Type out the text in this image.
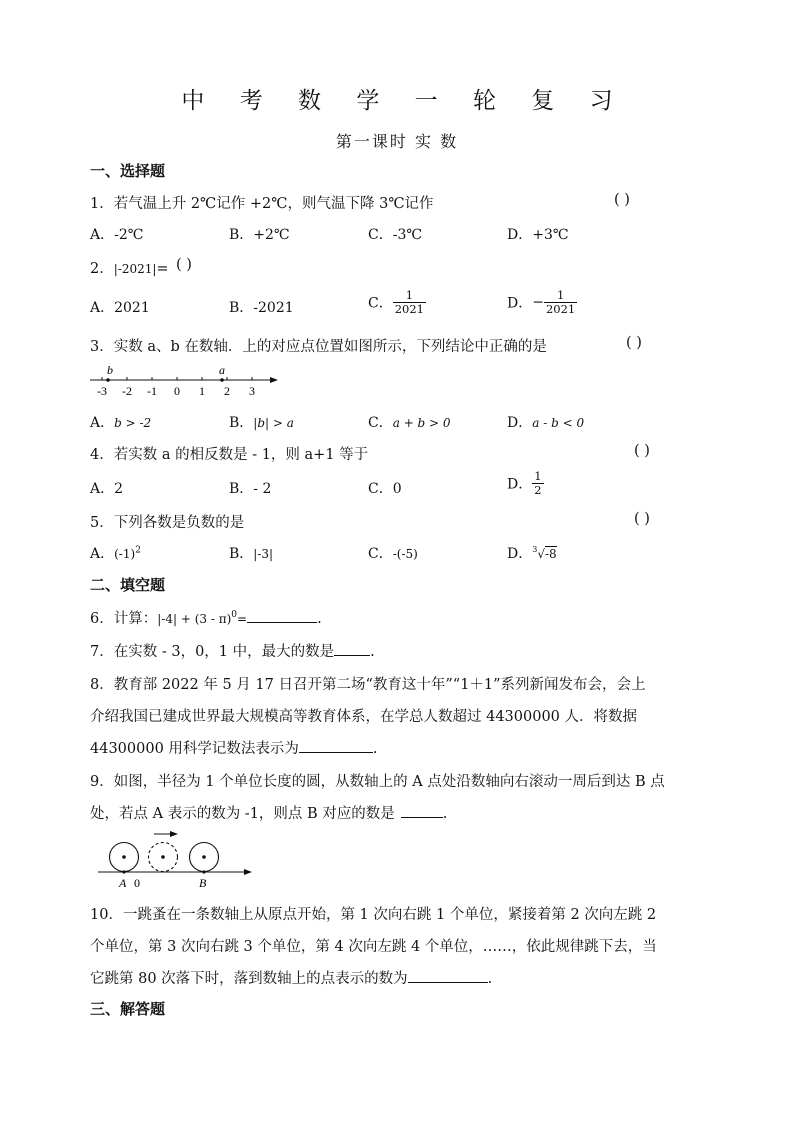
中 考 数 学 一 轮 复 习
第一课时 实 数
一、选择题
1．若气温上升 2℃记作 +2℃，则气温下降 3℃记作	( )
A．-2℃	B．+2℃	C．-3℃	D．+3℃
2．|-2021|= ( )
A．2021	B．-2021	C． $\frac{1}{2021}$	D．− $\frac{1}{2021}$
3．实数 a、b 在数轴．上的对应点位置如图所示，下列结论中正确的是	( )
-3 -2 -1 0 1 2 3
b	a
A．b > -2	B．|b| > a	C．a + b > 0	D．a - b < 0
4．若实数 a 的相反数是 - 1，则 a+1 等于	( )
A．2	B．- 2	C．0	D． $\frac{1}{2}$
5．下列各数是负数的是	( )
A．$(-1)^2$	B．|-3|	C．-(-5)	D．$^3$√-8
二、填空题
6．计算：|-4| + (3 - π)$^0$=	.
7．在实数 - 3，0，1 中，最大的数是 .
8．教育部 2022 年 5 月 17 日召开第二场“教育这十年”“1＋1”系列新闻发布会，会上
介绍我国已建成世界最大规模高等教育体系，在学总人数超过 44300000 人．将数据
44300000 用科学记数法表示为	.
9．如图，半径为 1 个单位长度的圆，从数轴上的 A 点处沿数轴向右滚动一周后到达 B 点
处，若点 A 表示的数为 -1，则点 B 对应的数是	.
A 0	B
10．一跳蚤在一条数轴上从原点开始，第 1 次向右跳 1 个单位，紧接着第 2 次向左跳 2
个单位，第 3 次向右跳 3 个单位，第 4 次向左跳 4 个单位，……，依此规律跳下去，当
它跳第 80 次落下时，落到数轴上的点表示的数为	.
三、解答题
